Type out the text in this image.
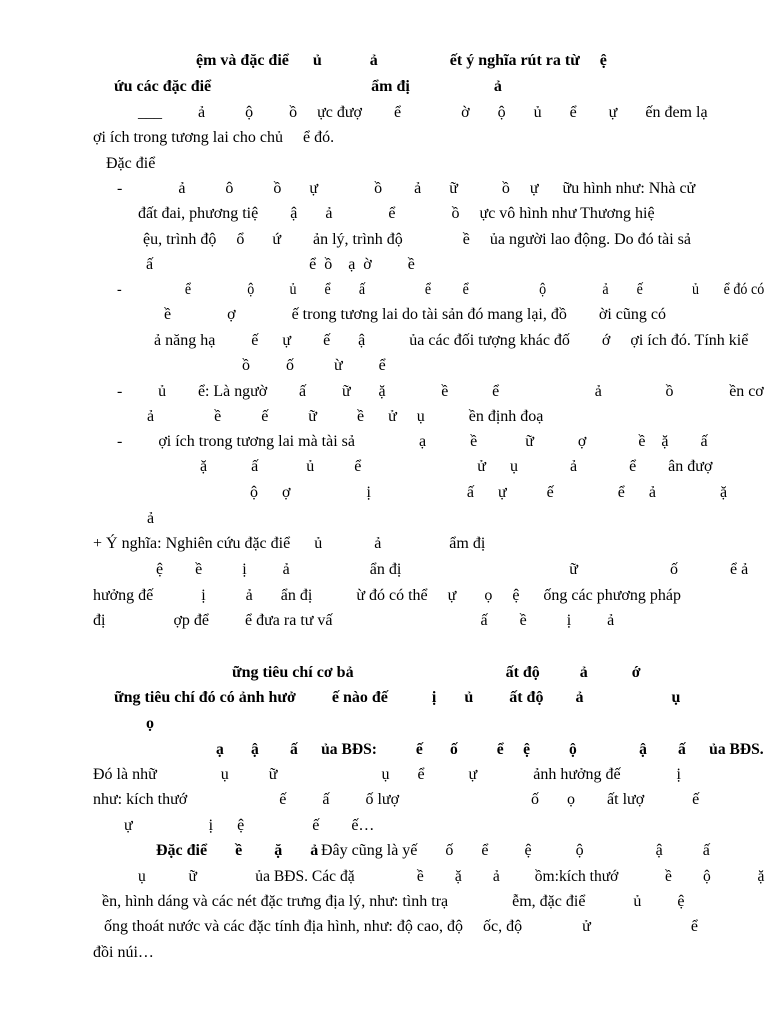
ệm và đặc điể      ủ            ả                  ết ý nghĩa rút ra từ     ệ
ứu các đặc điể                                        ẩm đị                     ả
___         ả          ộ         ồ     ực đượ        ể               ờ       ộ       ủ       ể        ự       ến đem lạ
ợi ích trong tương lai cho chủ     ể đó.
Đặc điể
-              ả          ô          ồ       ự              ồ        ả       ữ           ồ     ự      ữu hình như: Nhà cử
đất đai, phương tiệ        ậ       ả              ể              ồ     ực vô hình như Thương hiệ
ệu, trình độ     ổ       ứ        ản lý, trình độ               ề     ủa người lao động. Do đó tài sả
ấ                                       ể  ồ    ạ  ờ         ề
-                  ể                ộ          ủ        ể        ấ                 ể         ể                    ộ                ả        ế              ủ       ể đó có
ề              ợ              ế trong tương lai do tài sản đó mang lại, đồ        ời cũng có
ả năng hạ         ế      ự        ế       ậ           ủa các đối tượng khác đố        ớ     ợi ích đó. Tính kiể
ồ         ố          ừ         ể
-         ủ        ể: Là ngườ        ấ         ữ       ặ              ề           ể                        ả                ồ              ền cơ
ả               ề          ế          ữ          ề      ử     ụ           ền định đoạ
-         ợi ích trong tương lai mà tài sả                ạ           ề            ữ           ợ             ề    ặ        ấ
ặ           ấ            ủ          ể                             ử      ụ             ả             ể        ân đượ
ộ      ợ                   ị                        ấ      ự          ế                ể      ả                ặ
ả
+ Ý nghĩa: Nghiên cứu đặc điể      ủ             ả                 ẩm đị
ệ        ề          ị         ả                    ẩn đị                                          ữ                       ố             ể ả
hưởng đế            ị          ả       ẩn đị           ừ đó có thể     ự       ọ     ệ      ống các phương pháp
đị                 ợp để         ể đưa ra tư vấ                                     ấ        ề          ị         ả
ững tiêu chí cơ bả                                      ất độ          ả           ớ
ững tiêu chí đó có ảnh hưở         ế nào đế           ị       ủ         ất độ        ả                      ụ
ọ
ạ       ậ        ấ      ủa BĐS:          ế       ố          ể     ệ          ộ                ậ        ấ      ủa BĐS.
Đó là nhữ                ụ          ữ                          ụ       ể           ự              ảnh hưởng đế              ị
như: kích thướ                       ế         ấ         ố lượ                                 ố       ọ        ất lượ            ế
ự                   ị      ệ                 ế        ế…
Đặc điể       ề        ặ       ả Đây cũng là yế       ố       ể         ệ           ộ                  ậ          ấ
ụ           ữ               ủa BĐS. Các đặ                ề        ặ        ả         ồm:kích thướ            ề        ộ            ặ
ền, hình dáng và các nét đặc trưng địa lý, như: tình trạ                ễm, đặc điể            ủ         ệ
ống thoát nước và các đặc tính địa hình, như: độ cao, độ     ốc, độ               ử                         ể
đồi núi…
